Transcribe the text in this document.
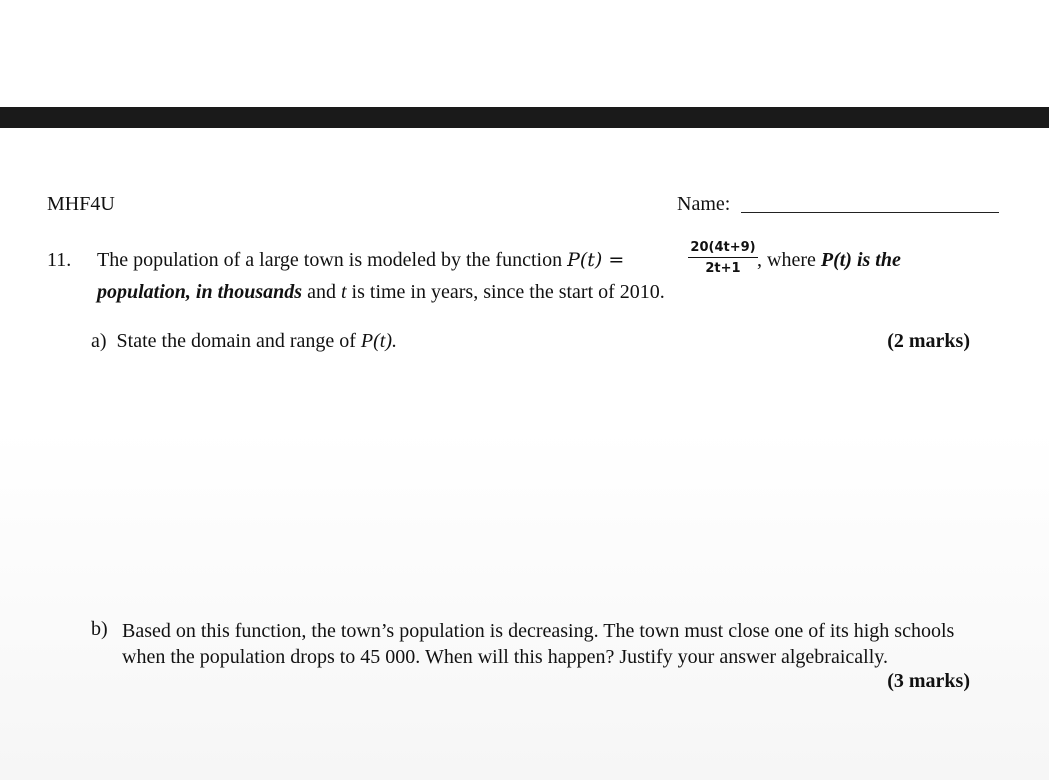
MHF4U	Name:
11. The population of a large town is modeled by the function P(t) =	$\frac{20(4t+9)}{2t+1}$ , where P(t) is the
population, in thousands and t is time in years, since the start of 2010.
a) State the domain and range of P(t).	(2 marks)
b) Based on this function, the town’s population is decreasing. The town must close one of its high schools when the population drops to 45 000. When will this happen? Justify your answer algebraically.
(3 marks)
